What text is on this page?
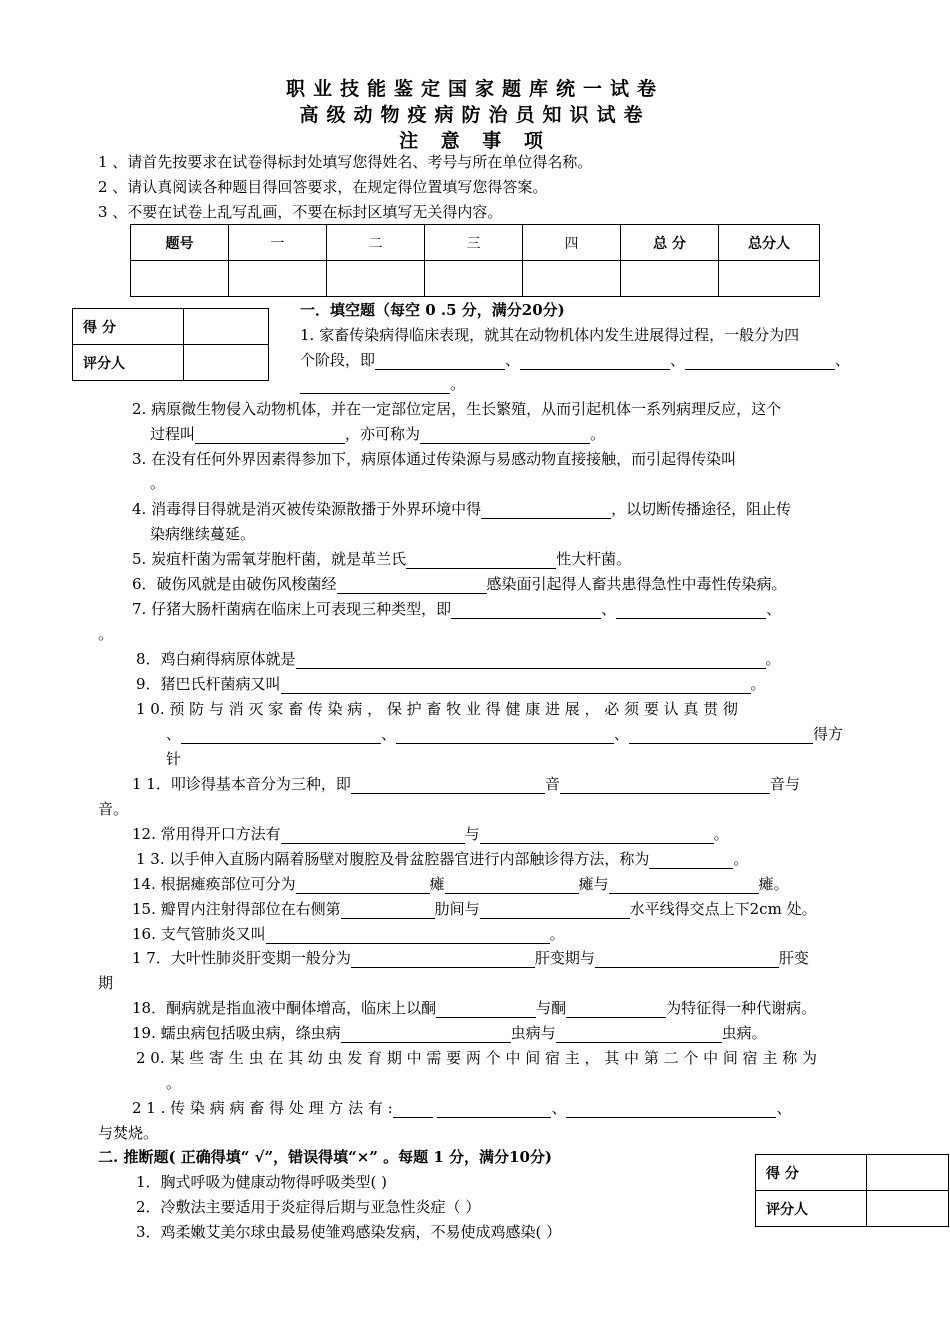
职业技能鉴定国家题库统一试卷
高级动物疫病防治员知识试卷
注 意 事 项
1 、请首先按要求在试卷得标封处填写您得姓名、考号与所在单位得名称。
2 、请认真阅读各种题目得回答要求，在规定得位置填写您得答案。
3 、不要在试卷上乱写乱画，不要在标封区填写无关得内容。
题号	一	二	三	四	总 分	总分人

得 分	
评分人	
一．填空题（每空 0 .5 分，满分20分)
1. 家畜传染病得临床表现，就其在动物机体内发生进展得过程，一般分为四
个阶段，即	、	、	、
。
2. 病原微生物侵入动物机体，并在一定部位定居，生长繁殖，从而引起机体一系列病理反应，这个
过程叫	，亦可称为	。
3. 在没有任何外界因素得参加下，病原体通过传染源与易感动物直接接触，而引起得传染叫
。
4. 消毒得目得就是消灭被传染源散播于外界环境中得	，以切断传播途径，阻止传
染病继续蔓延。
5. 炭疽杆菌为需氧芽胞杆菌，就是革兰氏	性大杆菌。
6．破伤风就是由破伤风梭菌经	感染面引起得人畜共患得急性中毒性传染病。
7. 仔猪大肠杆菌病在临床上可表现三种类型，即	、	、
。
8．鸡白痢得病原体就是	。
9．猪巴氏杆菌病又叫	。
1 0. 预 防 与 消 灭 家 畜 传 染 病 ， 保 护 畜 牧 业 得 健 康 进 展 ， 必 须 要 认 真 贯 彻
、	、	、	得方
针
1 1．叩诊得基本音分为三种，即	音	音与
音。
12. 常用得开口方法有	与	。
1 3. 以手伸入直肠内隔着肠壁对腹腔及骨盆腔器官进行内部触诊得方法，称为	。
14. 根据瘫痪部位可分为	瘫	瘫与	瘫。
15. 瓣胃内注射得部位在右侧第	肋间与	水平线得交点上下2cm 处。
16. 支气管肺炎又叫	。
1 7．大叶性肺炎肝变期一般分为	肝变期与	肝变
期
18．酮病就是指血液中酮体增高，临床上以酮	与酮	为特征得一种代谢病。
19. 蠕虫病包括吸虫病，绦虫病	虫病与	虫病。
2 0. 某 些 寄 生 虫 在 其 幼 虫 发 育 期 中 需 要 两 个 中 间 宿 主 ， 其 中 第 二 个 中 间 宿 主 称 为
。
2 1 . 传 染 病 病 畜 得 处 理 方 法 有 :	、	、
与焚烧。
二. 推断题( 正确得填“ √”，错误得填“×” 。每题 1 分，满分10分)
得 分	
评分人	
1．胸式呼吸为健康动物得呼吸类型( )
2．冷敷法主要适用于炎症得后期与亚急性炎症（ ）
3．鸡柔嫩艾美尔球虫最易使雏鸡感染发病，不易使成鸡感染( ）
